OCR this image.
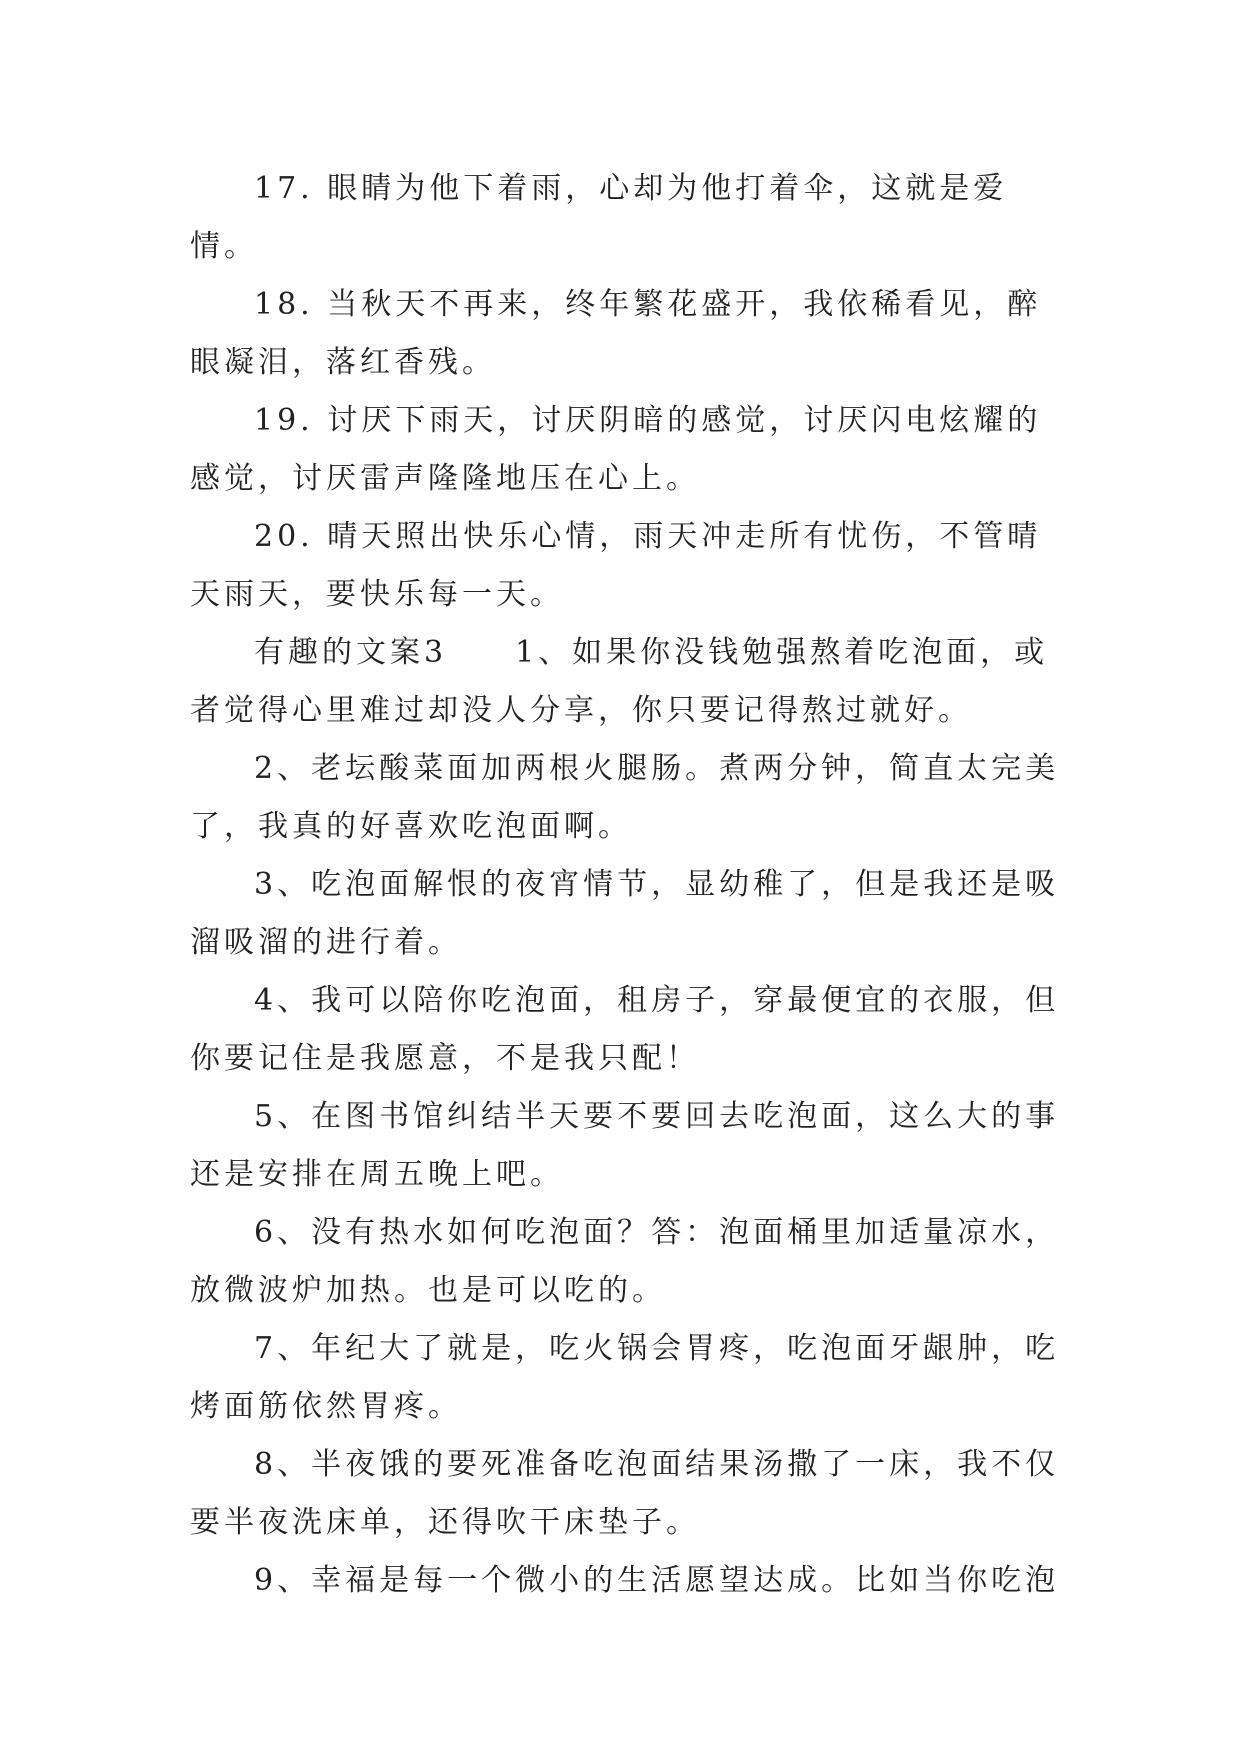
17. 眼睛为他下着雨，心却为他打着伞，这就是爱情。

18. 当秋天不再来，终年繁花盛开，我依稀看见，醉眼凝泪，落红香残。

19. 讨厌下雨天，讨厌阴暗的感觉，讨厌闪电炫耀的感觉，讨厌雷声隆隆地压在心上。

20. 晴天照出快乐心情，雨天冲走所有忧伤，不管晴天雨天，要快乐每一天。

有趣的文案3　　1、如果你没钱勉强熬着吃泡面，或者觉得心里难过却没人分享，你只要记得熬过就好。

2、老坛酸菜面加两根火腿肠。煮两分钟，简直太完美了，我真的好喜欢吃泡面啊。

3、吃泡面解恨的夜宵情节，显幼稚了，但是我还是吸溜吸溜的进行着。

4、我可以陪你吃泡面，租房子，穿最便宜的衣服，但你要记住是我愿意，不是我只配！

5、在图书馆纠结半天要不要回去吃泡面，这么大的事还是安排在周五晚上吧。

6、没有热水如何吃泡面？答：泡面桶里加适量凉水，放微波炉加热。也是可以吃的。

7、年纪大了就是，吃火锅会胃疼，吃泡面牙龈肿，吃烤面筋依然胃疼。

8、半夜饿的要死准备吃泡面结果汤撒了一床，我不仅要半夜洗床单，还得吹干床垫子。

9、幸福是每一个微小的生活愿望达成。比如当你吃泡
